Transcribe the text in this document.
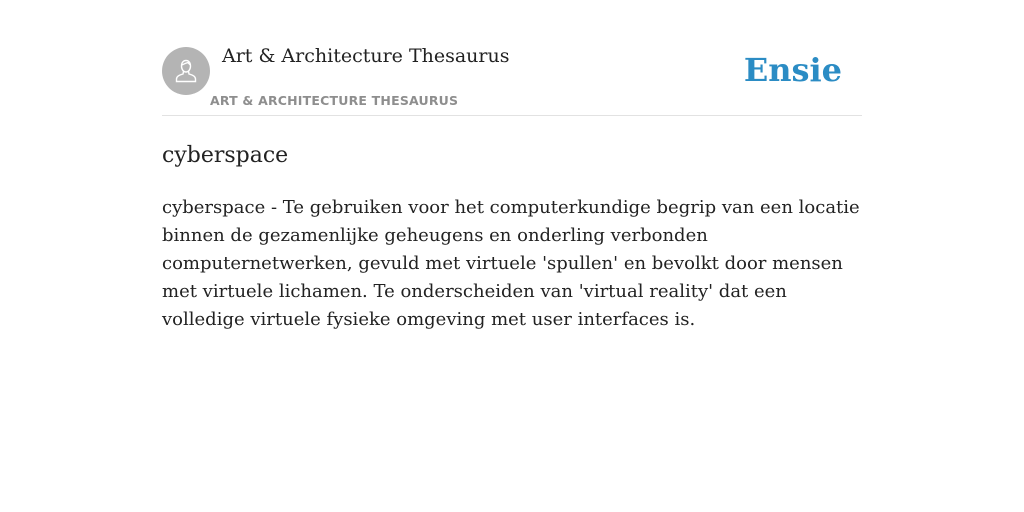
Art & Architecture Thesaurus
ART & ARCHITECTURE THESAURUS
Ensie
cyberspace

cyberspace - Te gebruiken voor het computerkundige begrip van een locatie binnen de gezamenlijke geheugens en onderling verbonden computernetwerken, gevuld met virtuele 'spullen' en bevolkt door mensen met virtuele lichamen. Te onderscheiden van 'virtual reality' dat een volledige virtuele fysieke omgeving met user interfaces is.
